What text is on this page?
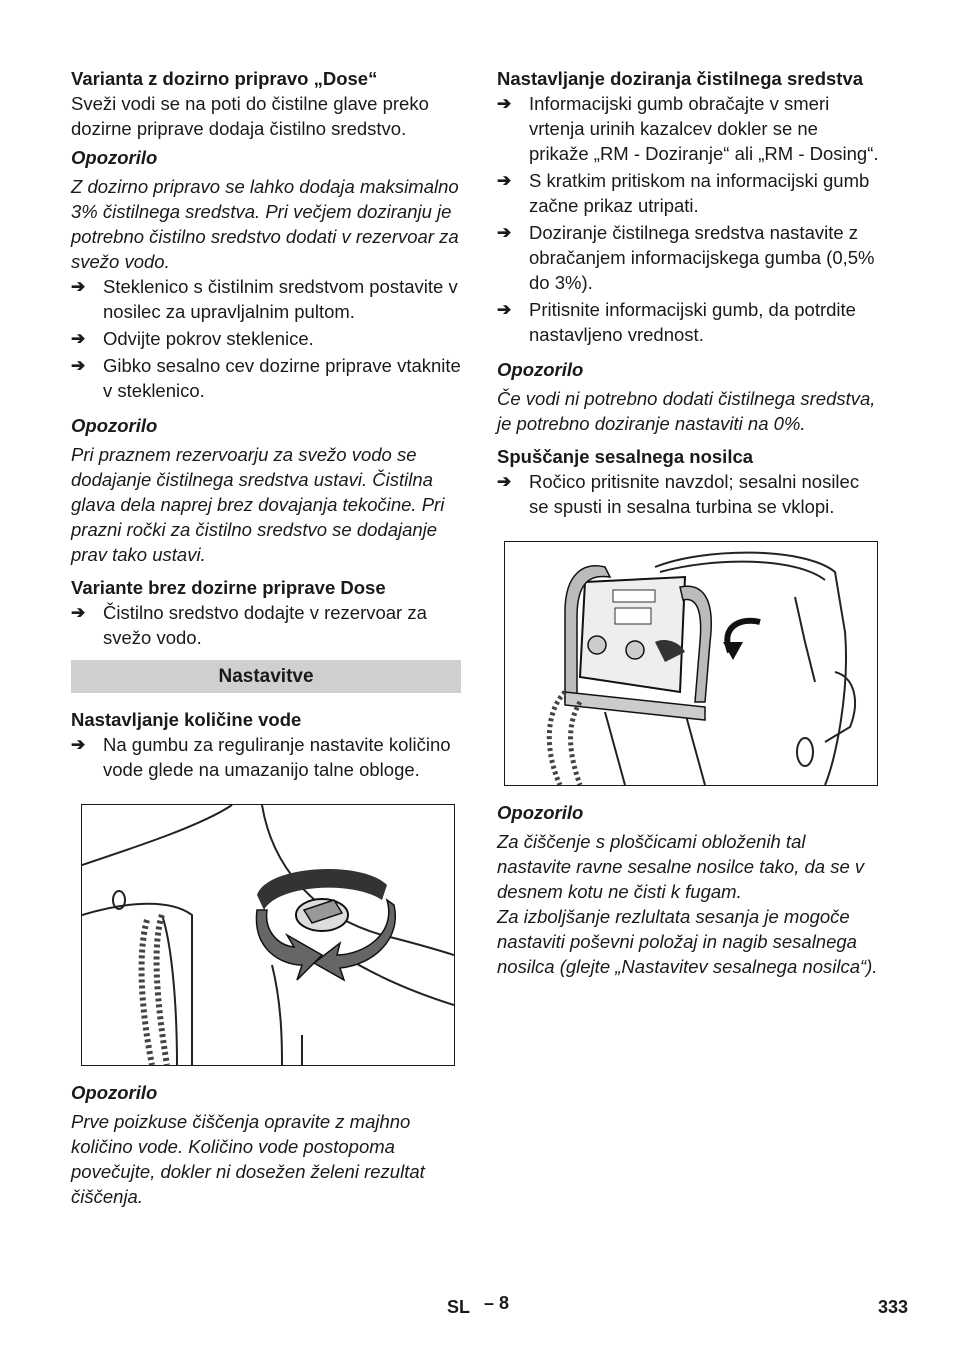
Varianta z dozirno pripravo „Dose“

Sveži vodi se na poti do čistilne glave preko dozirne priprave dodaja čistilno sredstvo.

Opozorilo

Z dozirno pripravo se lahko dodaja maksimalno 3% čistilnega sredstva. Pri večjem doziranju je potrebno čistilno sredstvo dodati v rezervoar za svežo vodo.

➔ Steklenico s čistilnim sredstvom postavite v nosilec za upravljalnim pultom.
➔ Odvijte pokrov steklenice.
➔ Gibko sesalno cev dozirne priprave vtaknite v steklenico.

Opozorilo

Pri praznem rezervoarju za svežo vodo se dodajanje čistilnega sredstva ustavi. Čistilna glava dela naprej brez dovajanja tekočine. Pri prazni ročki za čistilno sredstvo se dodajanje prav tako ustavi.

Variante brez dozirne priprave Dose

➔ Čistilno sredstvo dodajte v rezervoar za svežo vodo.
Nastavitve

Nastavljanje količine vode

➔ Na gumbu za reguliranje nastavite količino vode glede na umazanijo talne obloge.

Opozorilo

Prve poizkuse čiščenja opravite z majhno količino vode. Količino vode postopoma povečujte, dokler ni dosežen želeni rezultat čiščenja.

Nastavljanje doziranja čistilnega sredstva

➔ Informacijski gumb obračajte v smeri vrtenja urinih kazalcev dokler se ne prikaže „RM - Doziranje“ ali „RM - Dosing“.
➔ S kratkim pritiskom na informacijski gumb začne prikaz utripati.
➔ Doziranje čistilnega sredstva nastavite z obračanjem informacijskega gumba (0,5% do 3%).
➔ Pritisnite informacijski gumb, da potrdite nastavljeno vrednost.

Opozorilo

Če vodi ni potrebno dodati čistilnega sredstva, je potrebno doziranje nastaviti na 0%.

Spuščanje sesalnega nosilca

➔ Ročico pritisnite navzdol; sesalni nosilec se spusti in sesalna turbina se vklopi.

Opozorilo

Za čiščenje s ploščicami obloženih tal nastavite ravne sesalne nosilce tako, da se v desnem kotu ne čisti k fugam.

Za izboljšanje rezlultata sesanja je mogoče nastaviti poševni položaj in nagib sesalnega nosilca (glejte „Nastavitev sesalnega nosilca“).

SL – 8	333
